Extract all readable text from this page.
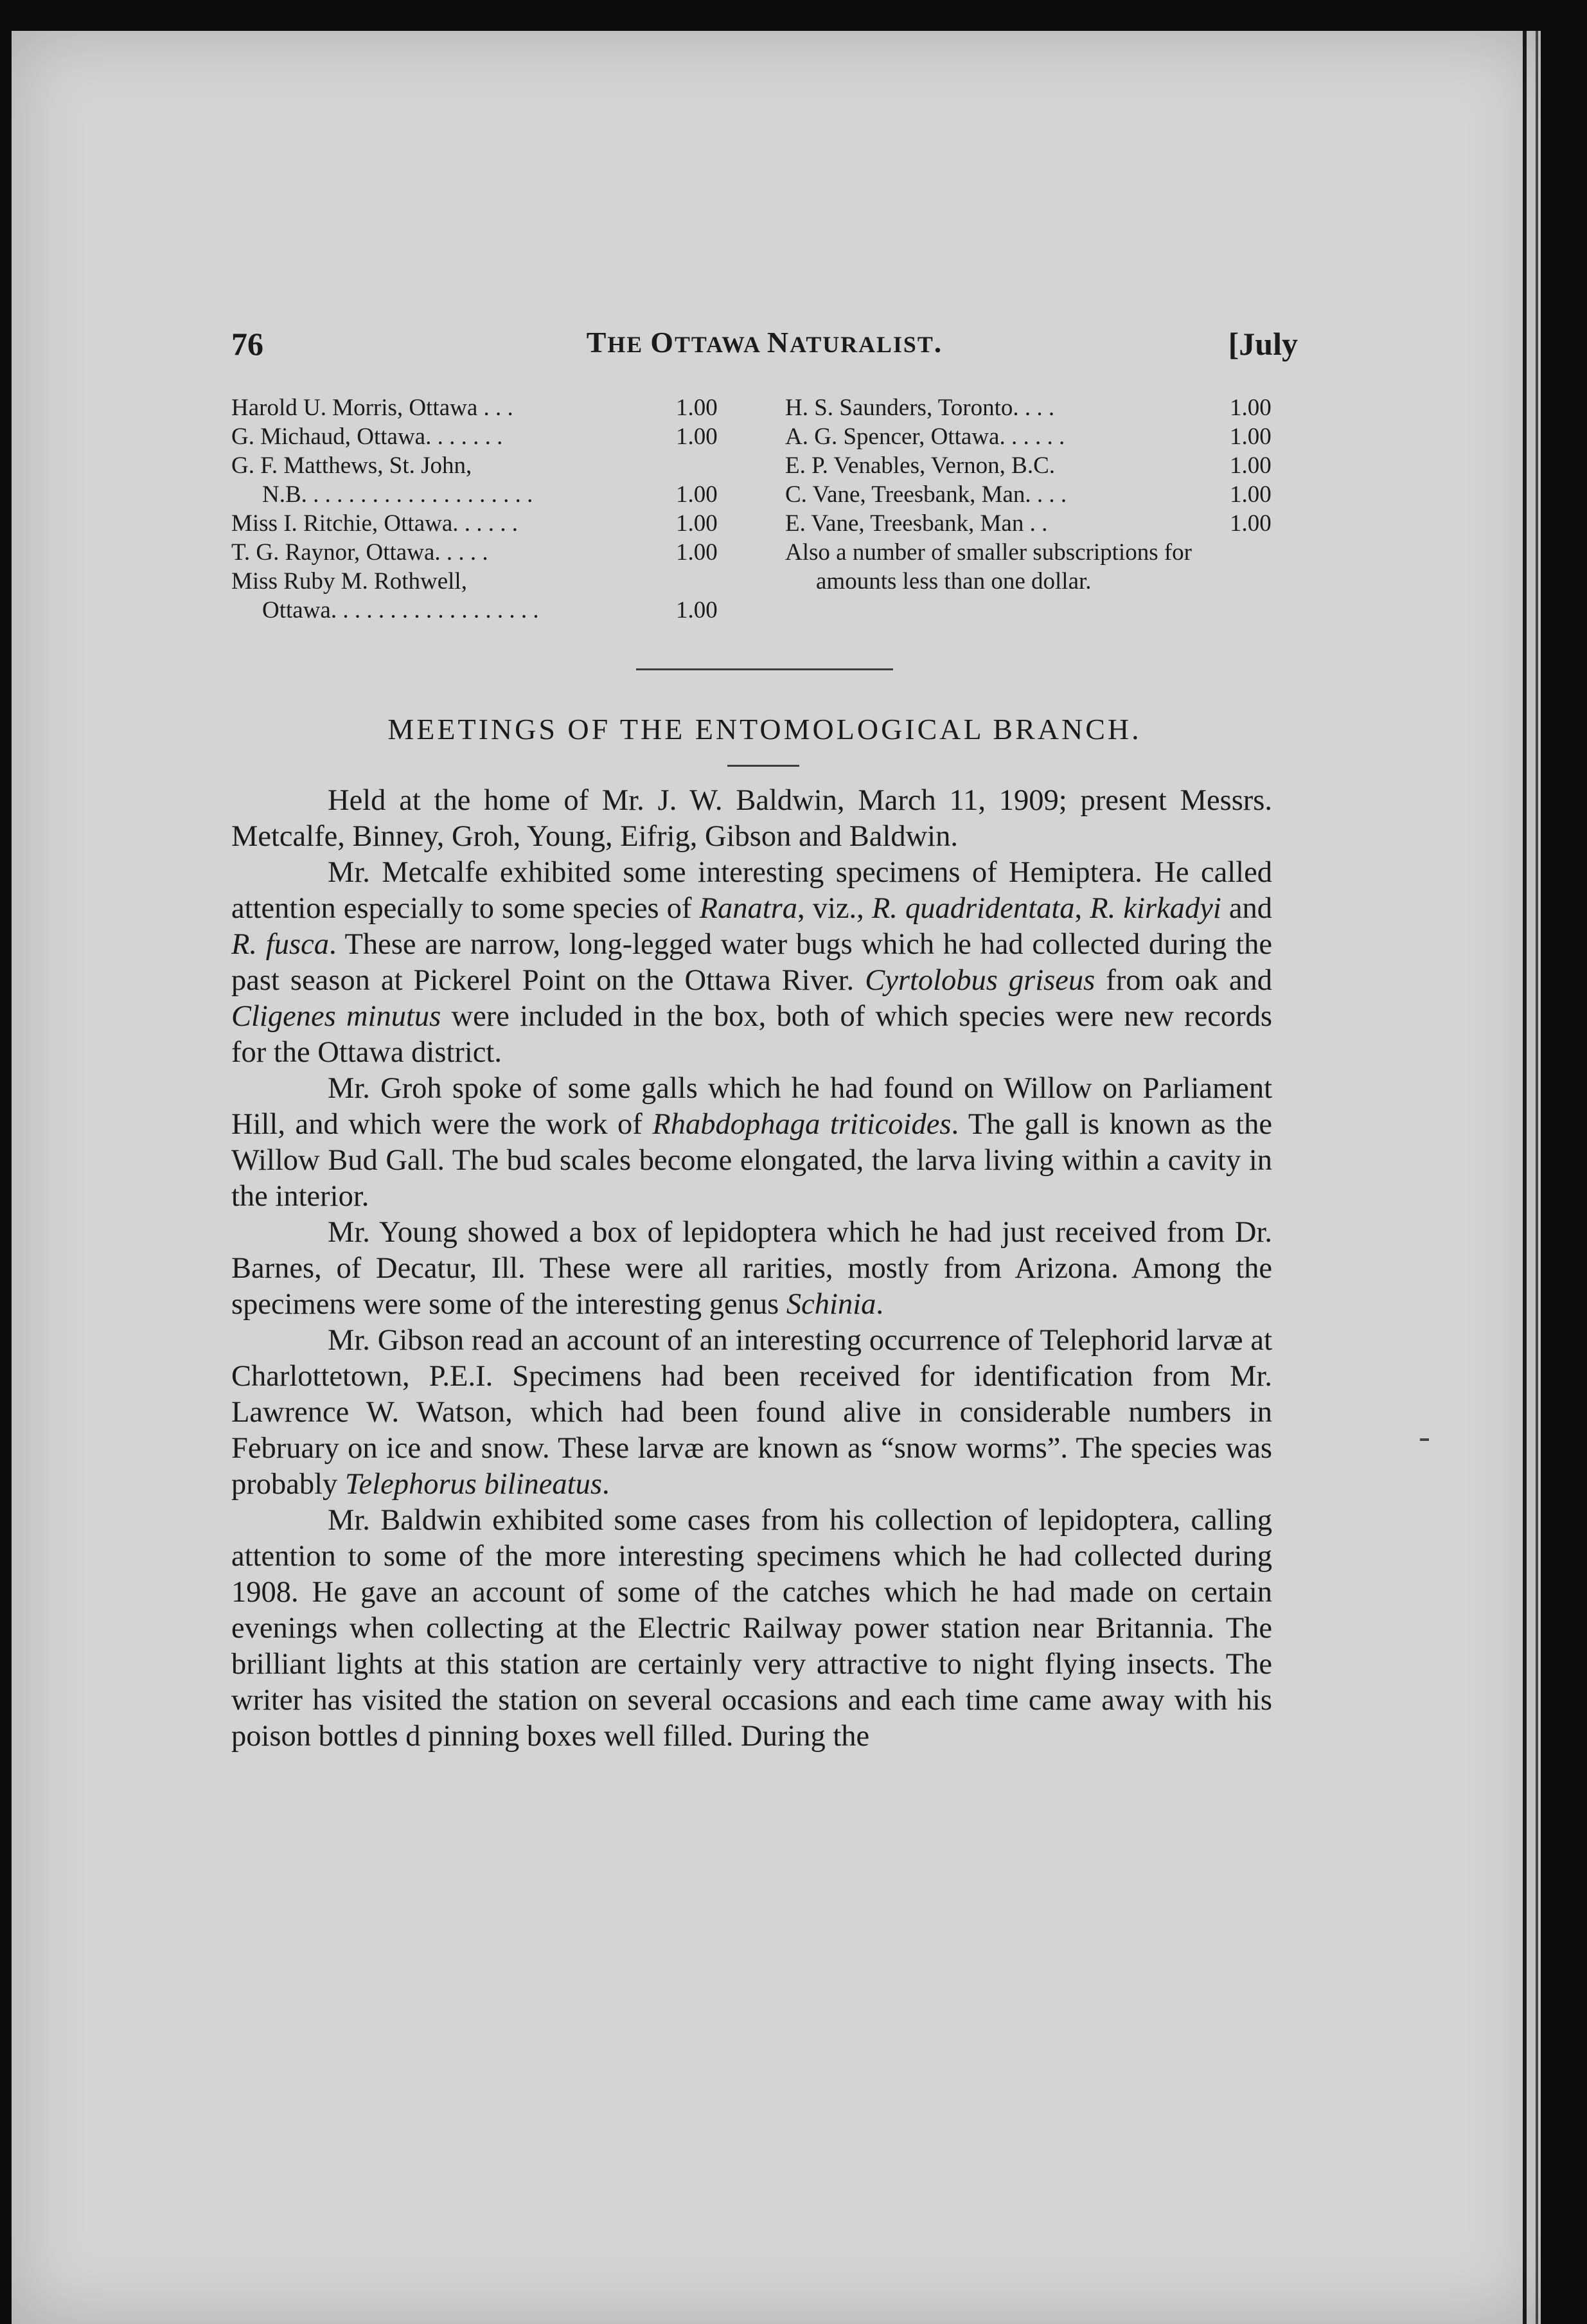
76	THE OTTAWA NATURALIST.	[July
Harold U. Morris, Ottawa . . .	1.00
G. Michaud, Ottawa. . . . . . .	1.00
G. F. Matthews, St. John,
N.B. . . . . . . . . . . . . . . . . . . .	1.00
Miss I. Ritchie, Ottawa. . . . . .	1.00
T. G. Raynor, Ottawa. . . . .	1.00
Miss Ruby M. Rothwell,
Ottawa. . . . . . . . . . . . . . . . . .	1.00
H. S. Saunders, Toronto. . . .	1.00
A. G. Spencer, Ottawa. . . . . .	1.00
E. P. Venables, Vernon, B.C.	1.00
C. Vane, Treesbank, Man. . . .	1.00
E. Vane, Treesbank, Man . .	1.00
Also a number of smaller subscriptions for amounts less than one dollar.
MEETINGS OF THE ENTOMOLOGICAL BRANCH.

Held at the home of Mr. J. W. Baldwin, March 11, 1909; present Messrs. Metcalfe, Binney, Groh, Young, Eifrig, Gibson and Baldwin.

Mr. Metcalfe exhibited some interesting specimens of Hemiptera. He called attention especially to some species of Ranatra, viz., R. quadridentata, R. kirkadyi and R. fusca. These are narrow, long-legged water bugs which he had collected during the past season at Pickerel Point on the Ottawa River. Cyrtolobus griseus from oak and Cligenes minutus were included in the box, both of which species were new records for the Ottawa district.

Mr. Groh spoke of some galls which he had found on Willow on Parliament Hill, and which were the work of Rhabdophaga triticoides. The gall is known as the Willow Bud Gall. The bud scales become elongated, the larva living within a cavity in the interior.

Mr. Young showed a box of lepidoptera which he had just received from Dr. Barnes, of Decatur, Ill. These were all rarities, mostly from Arizona. Among the specimens were some of the interesting genus Schinia.

Mr. Gibson read an account of an interesting occurrence of Telephorid larvæ at Charlottetown, P.E.I. Specimens had been received for identification from Mr. Lawrence W. Watson, which had been found alive in considerable numbers in February on ice and snow. These larvæ are known as “snow worms”. The species was probably Telephorus bilineatus.

Mr. Baldwin exhibited some cases from his collection of lepidoptera, calling attention to some of the more interesting specimens which he had collected during 1908. He gave an account of some of the catches which he had made on certain evenings when collecting at the Electric Railway power station near Britannia. The brilliant lights at this station are certainly very attractive to night flying insects. The writer has visited the station on several occasions and each time came away with his poison bottles d pinning boxes well filled. During the
